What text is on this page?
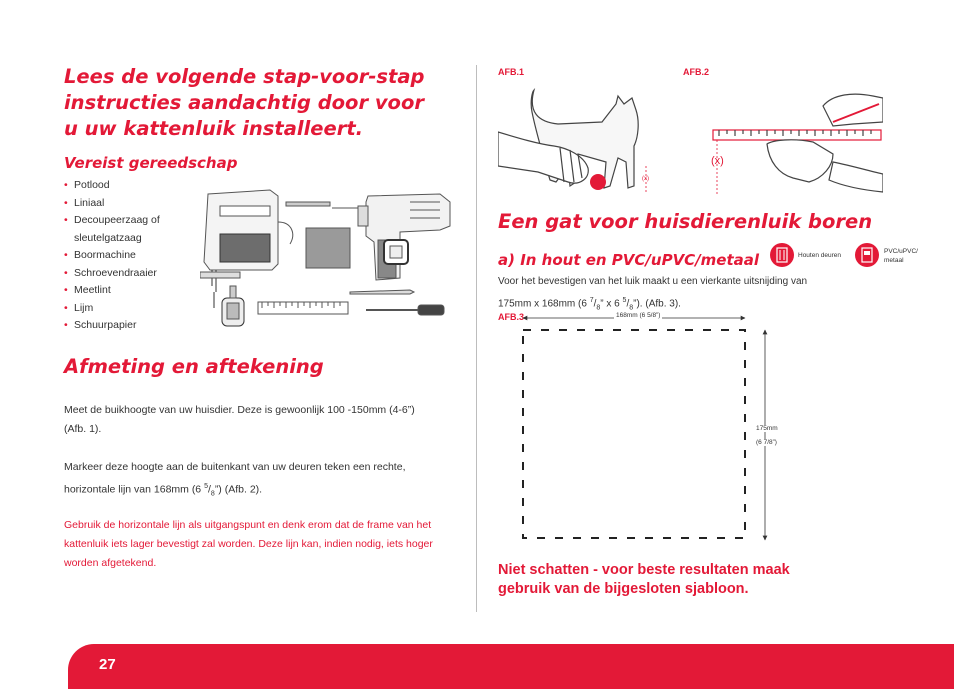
Lees de volgende stap-voor-stap
instructies aandachtig door voor
u uw kattenluik installeert.
Vereist gereedschap
• Potlood
• Liniaal
• Decoupeerzaag of sleutelgatzaag
• Boormachine
• Schroevendraaier
• Meetlint
• Lijm
• Schuurpapier
Afmeting en aftekening

Meet de buikhoogte van uw huisdier. Deze is gewoonlijk 100 -150mm (4-6”)
(Afb. 1).

Markeer deze hoogte aan de buitenkant van uw deuren teken een rechte, horizontale lijn van 168mm (6 $^5/_8$”) (Afb. 2).

Gebruik de horizontale lijn als uitgangspunt en denk erom dat de frame van het kattenluik iets lager bevestigt zal worden. Deze lijn kan, indien nodig, iets hoger worden afgetekend.

AFB.1	AFB.2
(x)
(x)
Een gat voor huisdierenluik boren
a) In hout en PVC/uPVC/metaal	Houten deuren
PVC/uPVC/ metaal

Voor het bevestigen van het luik maakt u een vierkante uitsnijding van
175mm x 168mm (6 $^7/_8$” x 6 $^5/_8$”). (Afb. 3).

AFB.3	168mm (6 5/8”)
175mm
(6 7/8”)
Niet schatten - voor beste resultaten maak
gebruik van de bijgesloten sjabloon.
27
